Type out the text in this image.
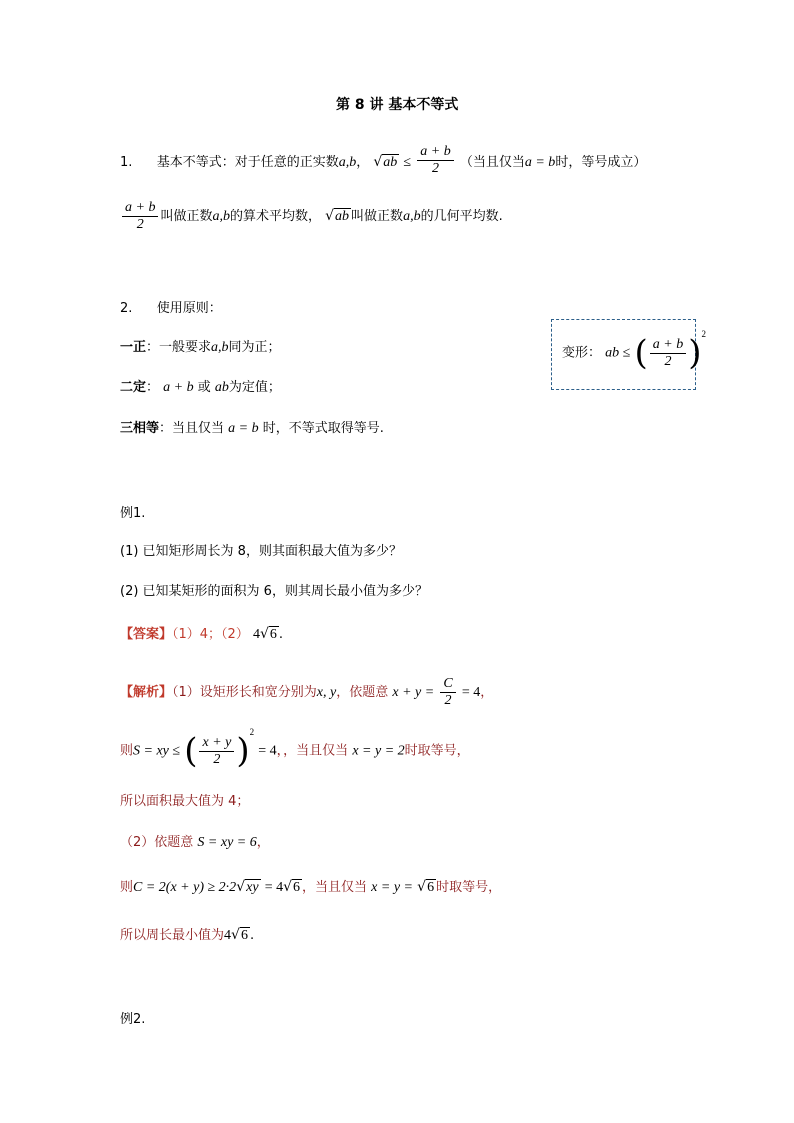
第 8 讲 基本不等式
1. 基本不等式：对于任意的正实数a,b， $√ab \le \frac{a + b}{2}$ （当且仅当a = b时，等号成立）
$\frac{a + b}{2}$ 叫做正数a,b的算术平均数， √ab 叫做正数a,b的几何平均数.
2. 使用原则：
一正：一般要求a,b同为正；
二定： a + b 或 ab为定值；
三相等：当且仅当 a = b 时，不等式取得等号.
变形： ab ≤ ( $\frac{a + b}{2} )^2$
例1.
(1) 已知矩形周长为 8，则其面积最大值为多少？
(2) 已知某矩形的面积为 6，则其周长最小值为多少？
【答案】（1）4；（2） 4√6 .
【解析】（1）设矩形长和宽分别为x, y，依题意 $x + y = \frac{C}{2} = 4$，
则S = xy ≤ ( $\frac{x + y}{2} )^2 = 4$，，当且仅当 x = y = 2时取等号，
所以面积最大值为 4；
（2）依题意 S = xy = 6，
则C = 2(x + y) ≥ 2·2√xy = 4√6 ，当且仅当 x = y = √6 时取等号，
所以周长最小值为4√6 .
例2.
